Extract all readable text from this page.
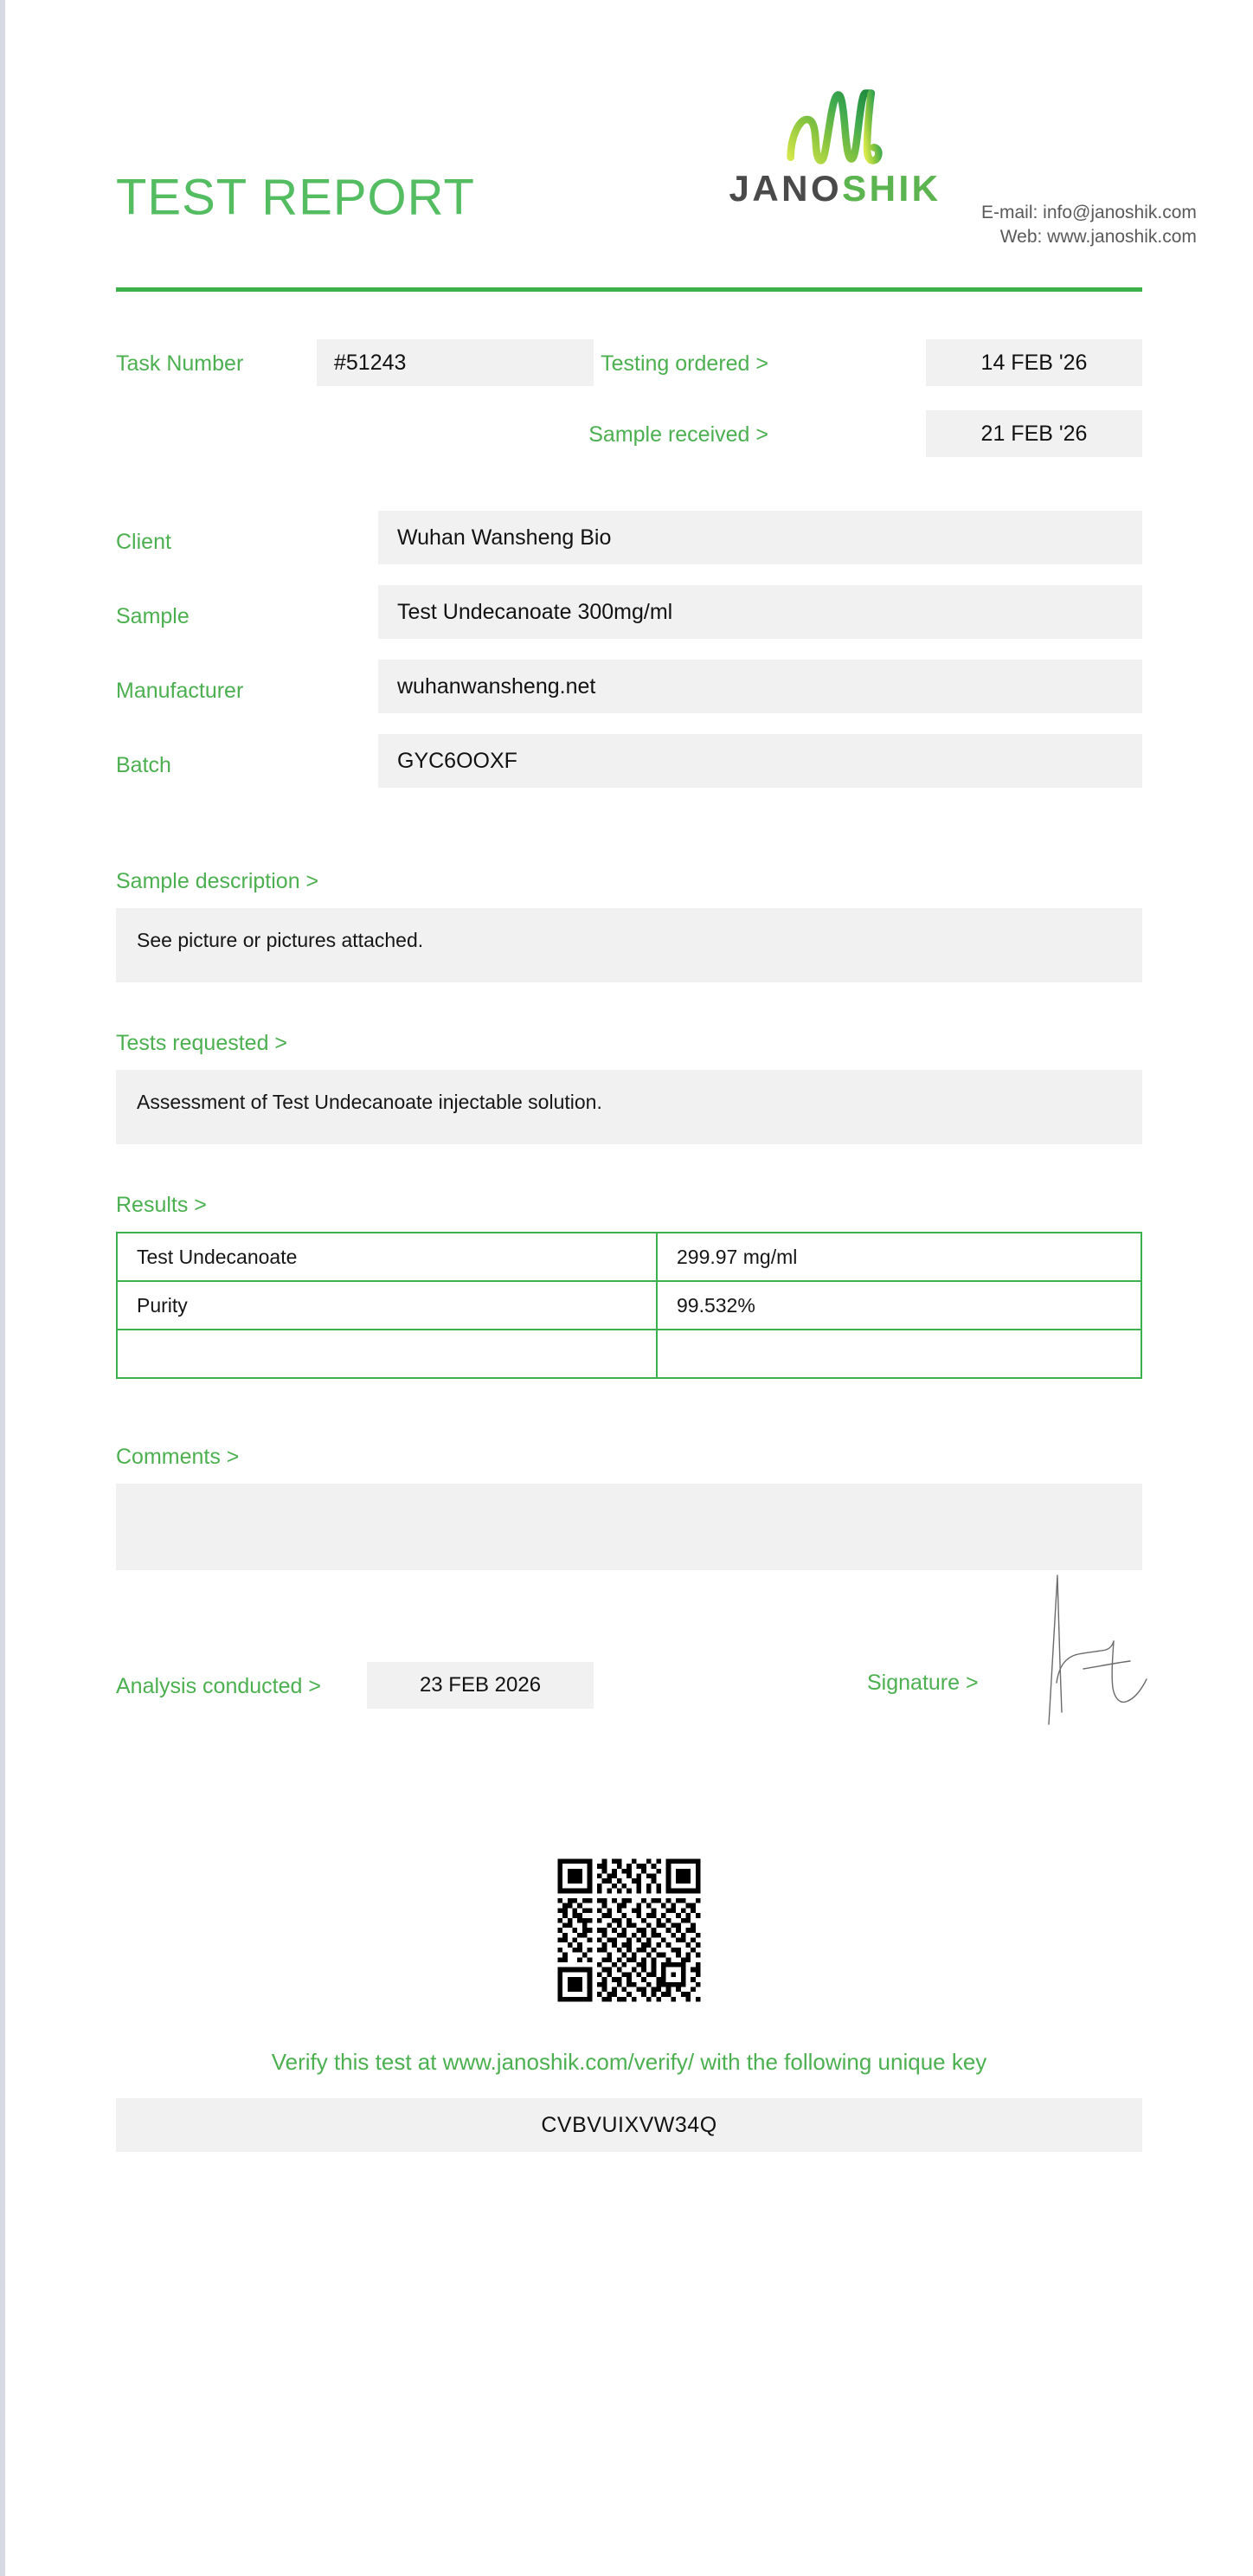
TEST REPORT	JANOSHIK
E-mail: info@janoshik.com
Web: www.janoshik.com
Task Number	#51243	Testing ordered >	14 FEB '26
Sample received >	21 FEB '26
Client	Wuhan Wansheng Bio
Sample	Test Undecanoate 300mg/ml
Manufacturer	wuhanwansheng.net
Batch	GYC6OOXF
Sample description >
See picture or pictures attached.
Tests requested >
Assessment of Test Undecanoate injectable solution.
Results >
Test Undecanoate	299.97 mg/ml
Purity	99.532%

Comments >
Analysis conducted >	23 FEB 2026	Signature >
Verify this test at www.janoshik.com/verify/ with the following unique key
CVBVUIXVW34Q
